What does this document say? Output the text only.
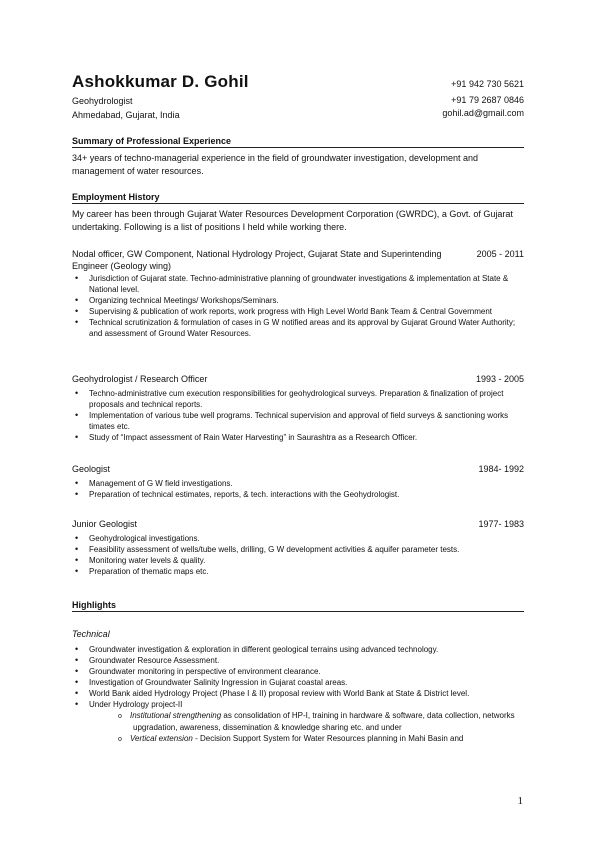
Ashokkumar D. Gohil
Geohydrologist
Ahmedabad, Gujarat, India
+91 942 730 5621
+91 79 2687 0846
gohil.ad@gmail.com
Summary of Professional Experience
34+ years of techno-managerial experience in the field of groundwater investigation, development and management of water resources.
Employment History
My career has been through Gujarat Water Resources Development Corporation (GWRDC), a Govt. of Gujarat undertaking. Following is a list of positions I held while working there.
Nodal officer, GW Component, National Hydrology Project, Gujarat State and Superintending Engineer (Geology wing)
2005 - 2011
• Jurisdiction of Gujarat state. Techno-administrative planning of groundwater investigations & implementation at State & National level.
• Organizing technical Meetings/ Workshops/Seminars.
• Supervising & publication of work reports, work progress with High Level World Bank Team & Central Government
• Technical scrutinization & formulation of cases in G W notified areas and its approval by Gujarat Ground Water Authority; and assessment of Ground Water Resources.
Geohydrologist / Research Officer	1993 - 2005
• Techno-administrative cum execution responsibilities for geohydrological surveys. Preparation & finalization of project proposals and technical reports.
• Implementation of various tube well programs. Technical supervision and approval of field surveys & sanctioning works timates etc.
• Study of “Impact assessment of Rain Water Harvesting” in Saurashtra as a Research Officer.
Geologist	1984- 1992
• Management of G W field investigations.
• Preparation of technical estimates, reports, & tech. interactions with the Geohydrologist.
Junior Geologist	1977- 1983
• Geohydrological investigations.
• Feasibility assessment of wells/tube wells, drilling, G W development activities & aquifer parameter tests.
• Monitoring water levels & quality.
• Preparation of thematic maps etc.
Highlights
Technical
• Groundwater investigation & exploration in different geological terrains using advanced technology.
• Groundwater Resource Assessment.
• Groundwater monitoring in perspective of environment clearance.
• Investigation of Groundwater Salinity Ingression in Gujarat coastal areas.
• World Bank aided Hydrology Project (Phase I & II) proposal review with World Bank at State & District level.
• Under Hydrology project-II
o Institutional strengthening as consolidation of HP-I, training in hardware & software, data collection, networks upgradation, awareness, dissemination & knowledge sharing etc. and under
o Vertical extension - Decision Support System for Water Resources planning in Mahi Basin and
1
